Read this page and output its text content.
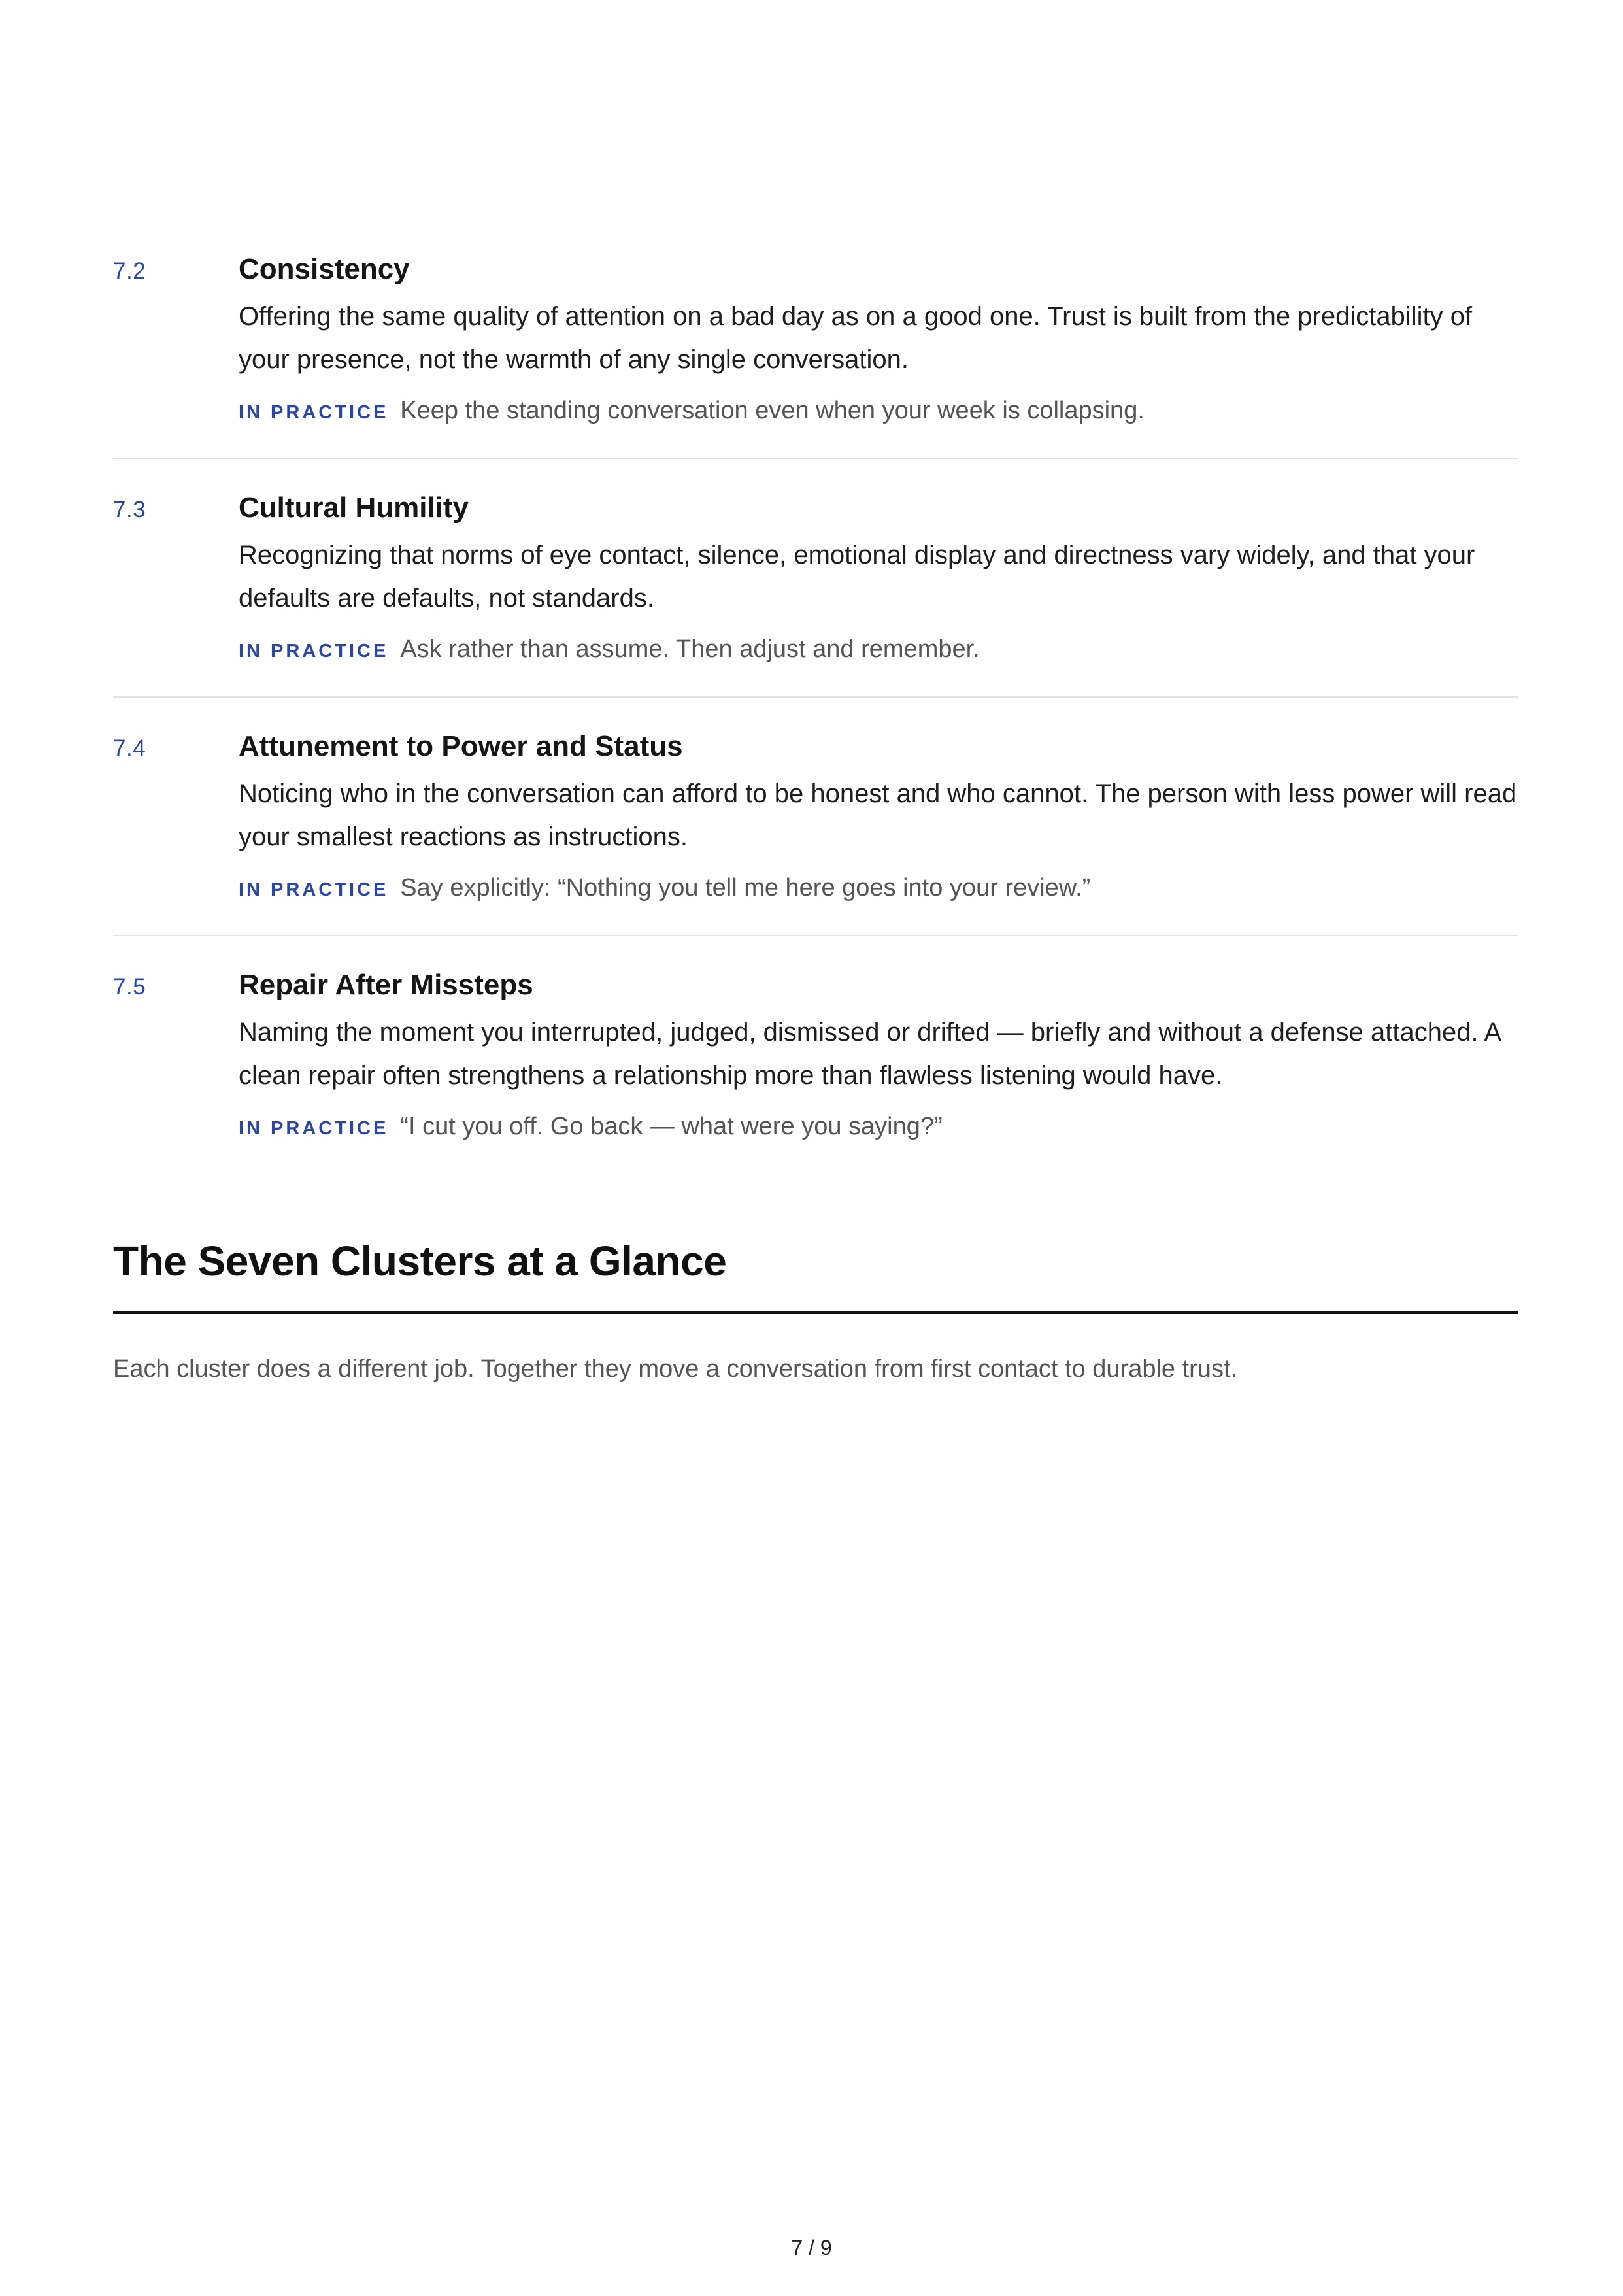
7.2	Consistency

Offering the same quality of attention on a bad day as on a good one. Trust is built from the predictability of your presence, not the warmth of any single conversation.

IN PRACTICE Keep the standing conversation even when your week is collapsing.
7.3	Cultural Humility

Recognizing that norms of eye contact, silence, emotional display and directness vary widely, and that your defaults are defaults, not standards.

IN PRACTICE Ask rather than assume. Then adjust and remember.
7.4	Attunement to Power and Status

Noticing who in the conversation can afford to be honest and who cannot. The person with less power will read your smallest reactions as instructions.

IN PRACTICE Say explicitly: “Nothing you tell me here goes into your review.”
7.5	Repair After Missteps

Naming the moment you interrupted, judged, dismissed or drifted — briefly and without a defense attached. A clean repair often strengthens a relationship more than flawless listening would have.

IN PRACTICE “I cut you off. Go back — what were you saying?”
The Seven Clusters at a Glance

Each cluster does a different job. Together they move a conversation from first contact to durable trust.

7 / 9
